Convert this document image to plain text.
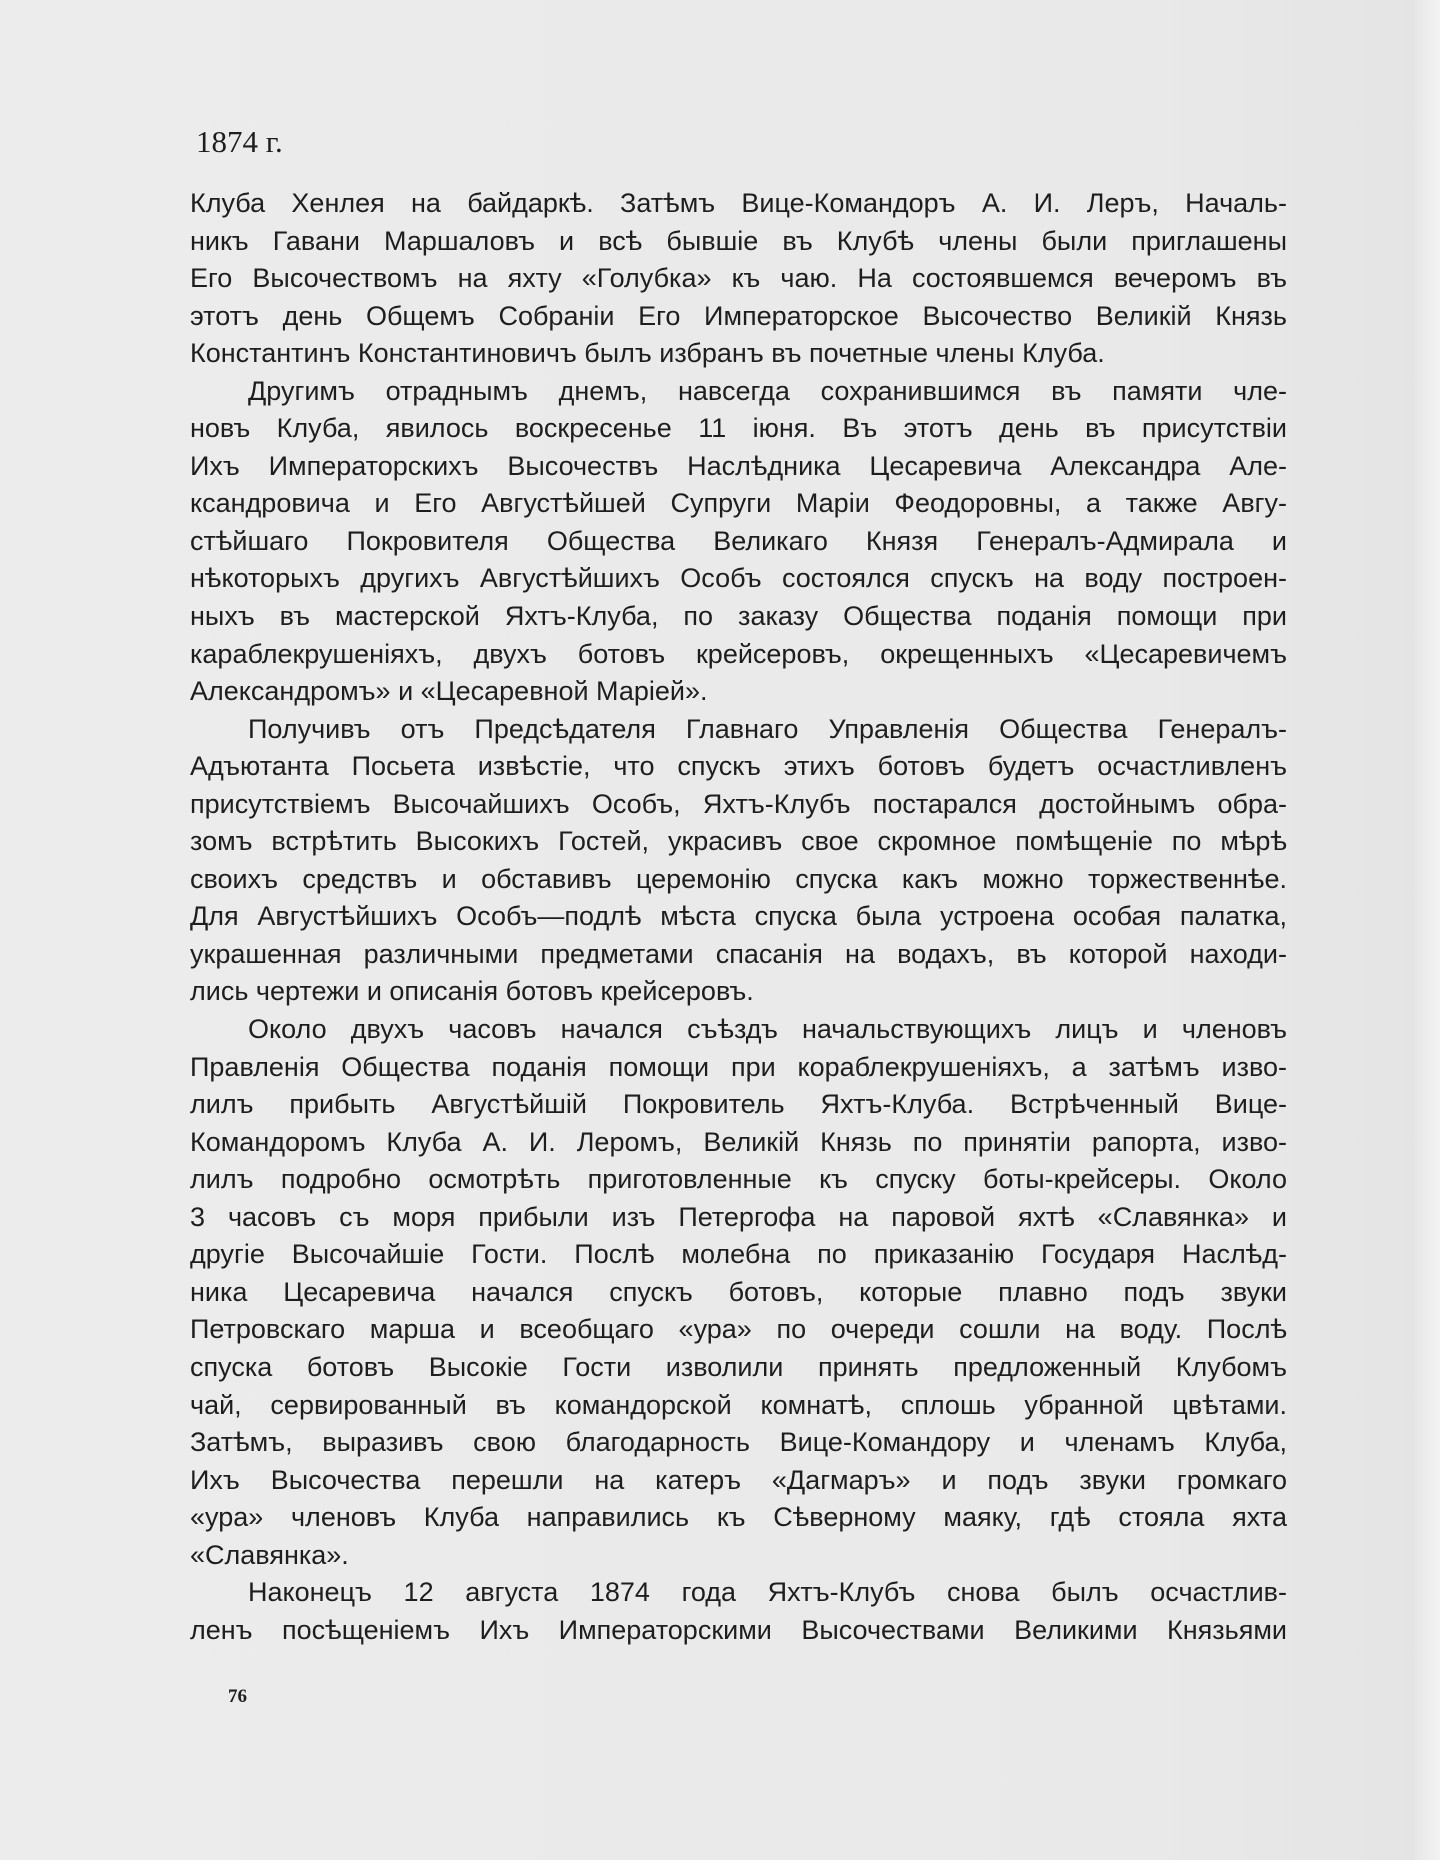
1874 г.
Клуба Хенлея на байдаркѣ. Затѣмъ Вице-Командоръ А. И. Леръ, Началь-
никъ Гавани Маршаловъ и всѣ бывшіе въ Клубѣ члены были приглашены
Его Высочествомъ на яхту «Голубка» къ чаю. На состоявшемся вечеромъ въ
этотъ день Общемъ Собраніи Его Императорское Высочество Великій Князь
Константинъ Константиновичъ былъ избранъ въ почетные члены Клуба.
Другимъ отраднымъ днемъ, навсегда сохранившимся въ памяти чле-
новъ Клуба, явилось воскресенье 11 іюня. Въ этотъ день въ присутствіи
Ихъ Императорскихъ Высочествъ Наслѣдника Цесаревича Александра Але-
ксандровича и Его Августѣйшей Супруги Маріи Феодоровны, а также Авгу-
стѣйшаго Покровителя Общества Великаго Князя Генералъ-Адмирала и
нѣкоторыхъ другихъ Августѣйшихъ Особъ состоялся спускъ на воду построен-
ныхъ въ мастерской Яхтъ-Клуба, по заказу Общества поданія помощи при
караблекрушеніяхъ, двухъ ботовъ крейсеровъ, окрещенныхъ «Цесаревичемъ
Александромъ» и «Цесаревной Маріей».
Получивъ отъ Предсѣдателя Главнаго Управленія Общества Генералъ-
Адъютанта Посьета извѣстіе, что спускъ этихъ ботовъ будетъ осчастливленъ
присутствіемъ Высочайшихъ Особъ, Яхтъ-Клубъ постарался достойнымъ обра-
зомъ встрѣтить Высокихъ Гостей, украсивъ свое скромное помѣщеніе по мѣрѣ
своихъ средствъ и обставивъ церемонію спуска какъ можно торжественнѣе.
Для Августѣйшихъ Особъ—подлѣ мѣста спуска была устроена особая палатка,
украшенная различными предметами спасанія на водахъ, въ которой находи-
лись чертежи и описанія ботовъ крейсеровъ.
Около двухъ часовъ начался съѣздъ начальствующихъ лицъ и членовъ
Правленія Общества поданія помощи при кораблекрушеніяхъ, а затѣмъ изво-
лилъ прибыть Августѣйшій Покровитель Яхтъ-Клуба. Встрѣченный Вице-
Командоромъ Клуба А. И. Леромъ, Великій Князь по принятіи рапорта, изво-
лилъ подробно осмотрѣть приготовленные къ спуску боты-крейсеры. Около
3 часовъ съ моря прибыли изъ Петергофа на паровой яхтѣ «Славянка» и
другіе Высочайшіе Гости. Послѣ молебна по приказанію Государя Наслѣд-
ника Цесаревича начался спускъ ботовъ, которые плавно подъ звуки
Петровскаго марша и всеобщаго «ура» по очереди сошли на воду. Послѣ
спуска ботовъ Высокіе Гости изволили принять предложенный Клубомъ
чай, сервированный въ командорской комнатѣ, сплошь убранной цвѣтами.
Затѣмъ, выразивъ свою благодарность Вице-Командору и членамъ Клуба,
Ихъ Высочества перешли на катеръ «Дагмаръ» и подъ звуки громкаго
«ура» членовъ Клуба направились къ Сѣверному маяку, гдѣ стояла яхта
«Славянка».
Наконецъ 12 августа 1874 года Яхтъ-Клубъ снова былъ осчастлив-
ленъ посѣщеніемъ Ихъ Императорскими Высочествами Великими Князьями
76
